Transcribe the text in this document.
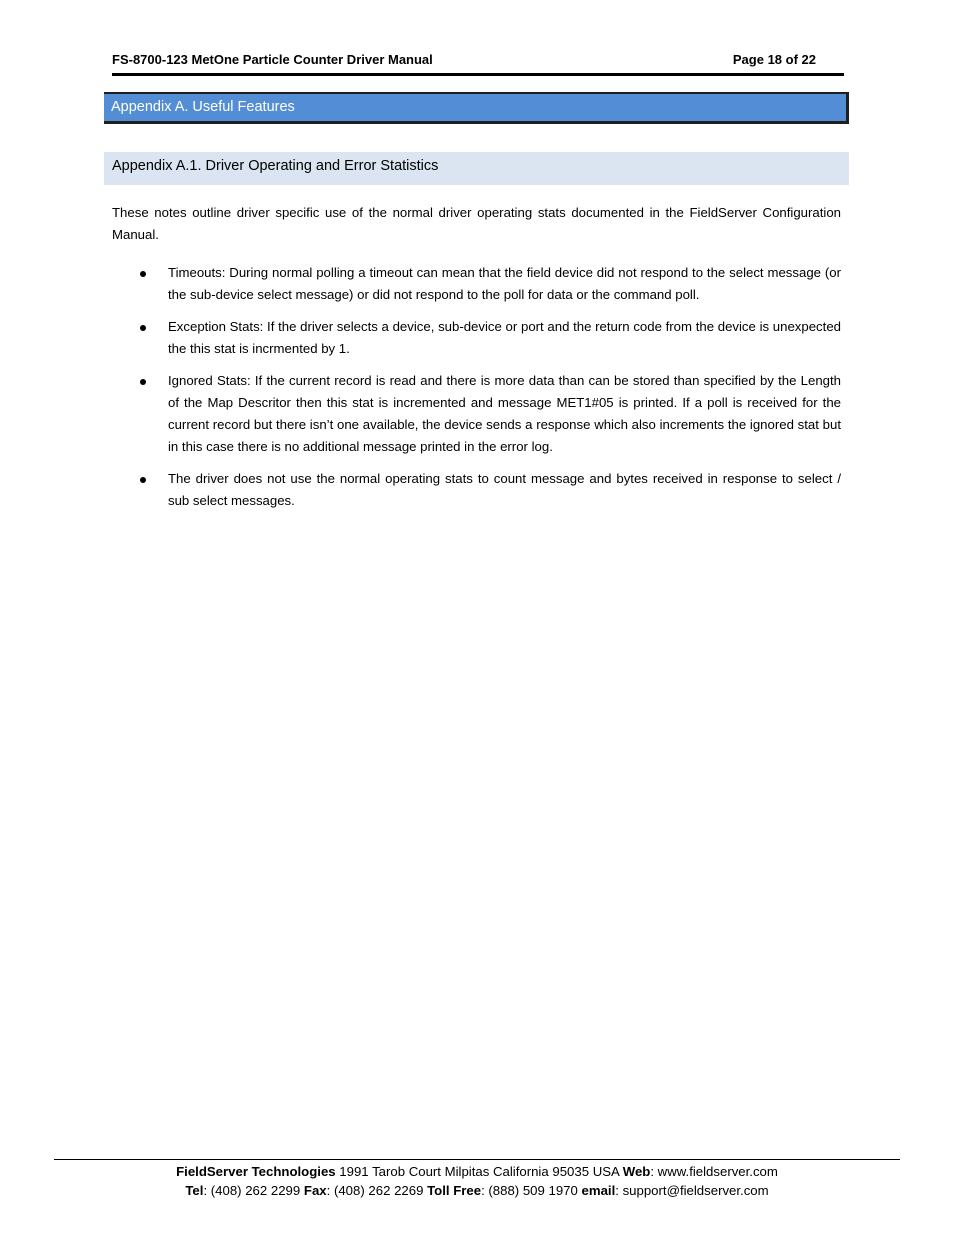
FS-8700-123 MetOne Particle Counter Driver Manual	Page 18 of 22
Appendix A. Useful Features
Appendix A.1. Driver Operating and Error Statistics

These notes outline driver specific use of the normal driver operating stats documented in the FieldServer Configuration Manual.

Timeouts: During normal polling a timeout can mean that the field device did not respond to the select message (or the sub-device select message) or did not respond to the poll for data or the command poll.
Exception Stats: If the driver selects a device, sub-device or port and the return code from the device is unexpected the this stat is incrmented by 1.
Ignored Stats: If the current record is read and there is more data than can be stored than specified by the Length of the Map Descritor then this stat is incremented and message MET1#05 is printed. If a poll is received for the current record but there isn’t one available, the device sends a response which also increments the ignored stat but in this case there is no additional message printed in the error log.
The driver does not use the normal operating stats to count message and bytes received in response to select / sub select messages.
FieldServer Technologies 1991 Tarob Court Milpitas California 95035 USA Web: www.fieldserver.com
Tel: (408) 262 2299 Fax: (408) 262 2269 Toll Free: (888) 509 1970 email: support@fieldserver.com
